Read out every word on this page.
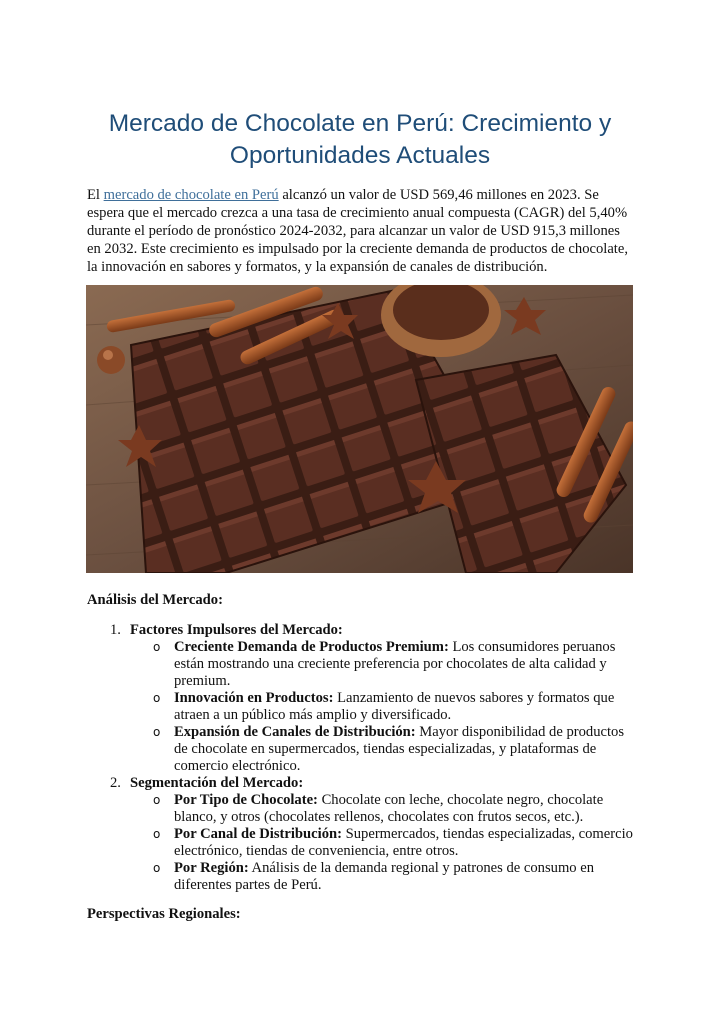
Mercado de Chocolate en Perú: Crecimiento y Oportunidades Actuales

El mercado de chocolate en Perú alcanzó un valor de USD 569,46 millones en 2023. Se espera que el mercado crezca a una tasa de crecimiento anual compuesta (CAGR) del 5,40% durante el período de pronóstico 2024-2032, para alcanzar un valor de USD 915,3 millones en 2032. Este crecimiento es impulsado por la creciente demanda de productos de chocolate, la innovación en sabores y formatos, y la expansión de canales de distribución.

Análisis del Mercado:

1. Factores Impulsores del Mercado:
o Creciente Demanda de Productos Premium: Los consumidores peruanos están mostrando una creciente preferencia por chocolates de alta calidad y premium.
o Innovación en Productos: Lanzamiento de nuevos sabores y formatos que atraen a un público más amplio y diversificado.
o Expansión de Canales de Distribución: Mayor disponibilidad de productos de chocolate en supermercados, tiendas especializadas, y plataformas de comercio electrónico.
2. Segmentación del Mercado:
o Por Tipo de Chocolate: Chocolate con leche, chocolate negro, chocolate blanco, y otros (chocolates rellenos, chocolates con frutos secos, etc.).
o Por Canal de Distribución: Supermercados, tiendas especializadas, comercio electrónico, tiendas de conveniencia, entre otros.
o Por Región: Análisis de la demanda regional y patrones de consumo en diferentes partes de Perú.

Perspectivas Regionales:
